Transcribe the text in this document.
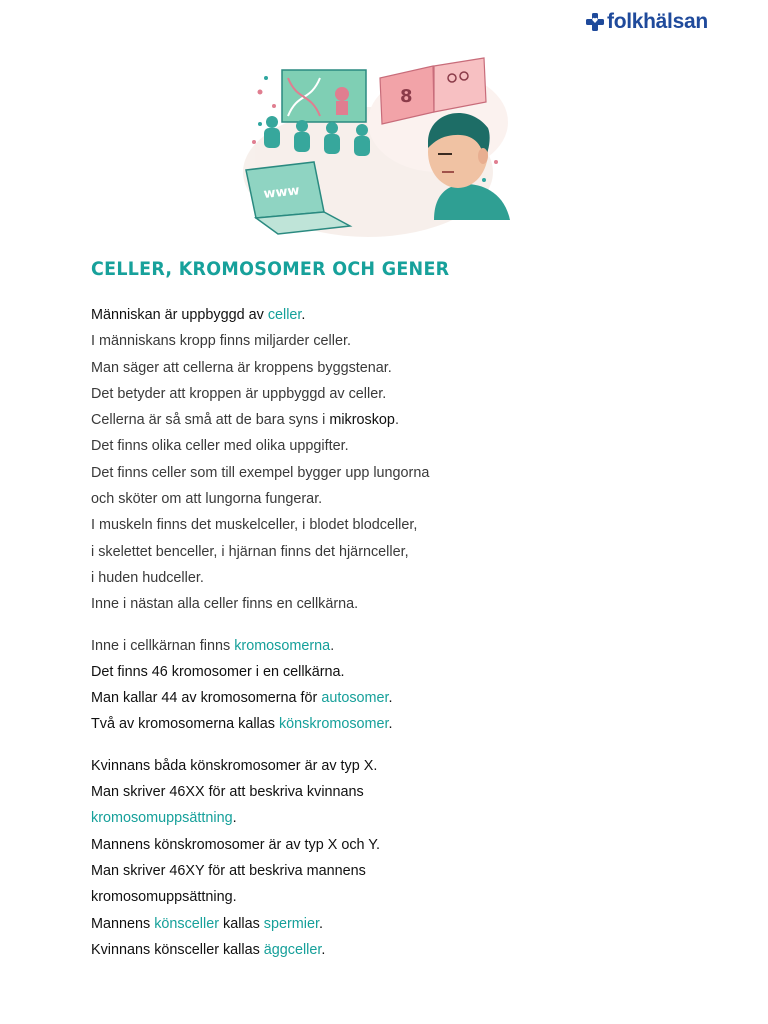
folkhälsan
8
www
CELLER, KROMOSOMER OCH GENER
Människan är uppbyggd av celler.
I människans kropp finns miljarder celler.
Man säger att cellerna är kroppens byggstenar.
Det betyder att kroppen är uppbyggd av celler.
Cellerna är så små att de bara syns i mikroskop.
Det finns olika celler med olika uppgifter.
Det finns celler som till exempel bygger upp lungorna
och sköter om att lungorna fungerar.
I muskeln finns det muskelceller, i blodet blodceller,
i skelettet benceller, i hjärnan finns det hjärnceller,
i huden hudceller.
Inne i nästan alla celler finns en cellkärna.
Inne i cellkärnan finns kromosomerna.
Det finns 46 kromosomer i en cellkärna.
Man kallar 44 av kromosomerna för autosomer.
Två av kromosomerna kallas könskromosomer.
Kvinnans båda könskromosomer är av typ X.
Man skriver 46XX för att beskriva kvinnans
kromosomuppsättning.
Mannens könskromosomer är av typ X och Y.
Man skriver 46XY för att beskriva mannens
kromosomuppsättning.
Mannens könsceller kallas spermier.
Kvinnans könsceller kallas äggceller.
